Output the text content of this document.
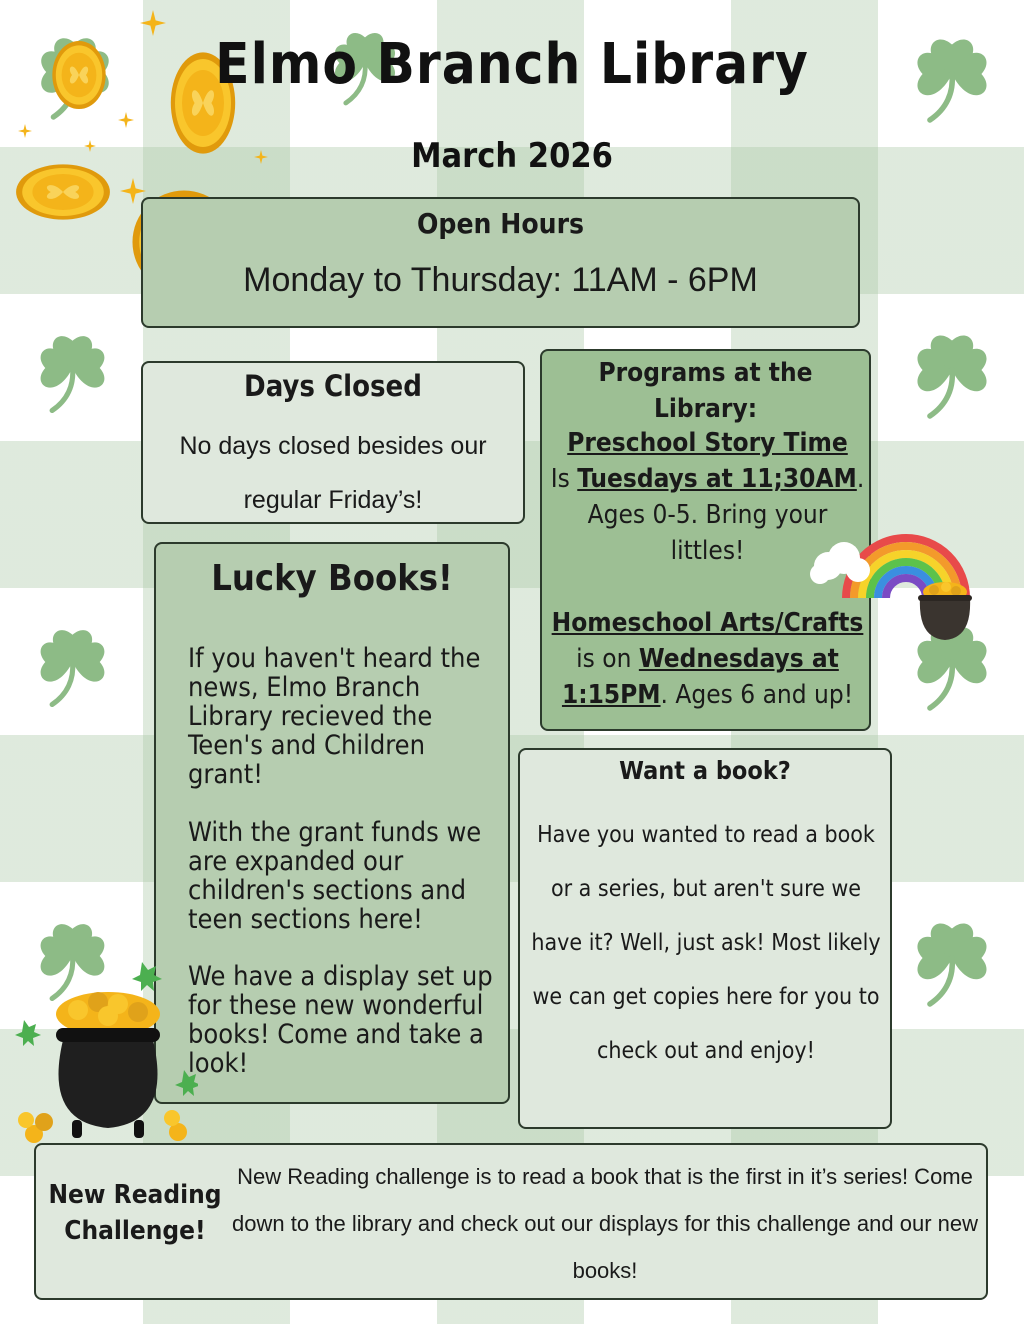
Elmo Branch Library
March 2026
Open Hours
Monday to Thursday: 11AM - 6PM
Days Closed
No days closed besides our regular Friday’s!
Programs at the Library:
Preschool Story Time
Is Tuesdays at 11;30AM. Ages 0-5. Bring your littles!
Homeschool Arts/Crafts is on Wednesdays at 1:15PM. Ages 6 and up!
Lucky Books!
If you haven't heard the news, Elmo Branch Library recieved the Teen's and Children grant!
With the grant funds we are expanded our children's sections and teen sections here!
We have a display set up for these new wonderful books! Come and take a look!
Want a book?
Have you wanted to read a book or a series, but aren't sure we have it? Well, just ask! Most likely we can get copies here for you to check out and enjoy!
New Reading Challenge!
New Reading challenge is to read a book that is the first in it’s series! Come down to the library and check out our displays for this challenge and our new books!
